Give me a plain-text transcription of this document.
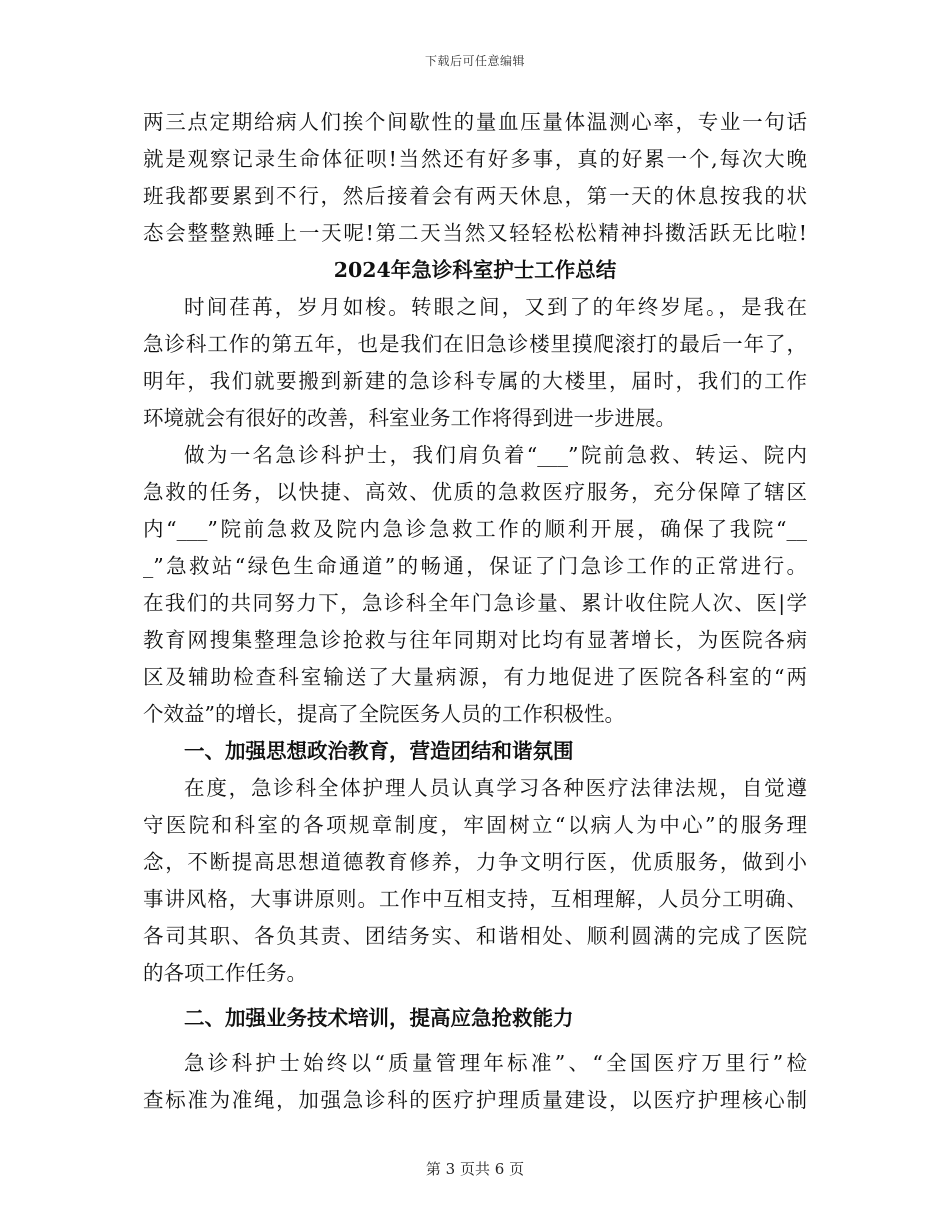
下载后可任意编辑

两三点定期给病人们挨个间歇性的量血压量体温测心率，专业一句话

就是观察记录生命体征呗!当然还有好多事，真的好累一个,每次大晚

班我都要累到不行，然后接着会有两天休息，第一天的休息按我的状

态会整整熟睡上一天呢!第二天当然又轻轻松松精神抖擞活跃无比啦!

2024年急诊科室护士工作总结

时间荏苒，岁月如梭。转眼之间，又到了的年终岁尾。，是我在

急诊科工作的第五年，也是我们在旧急诊楼里摸爬滚打的最后一年了，

明年，我们就要搬到新建的急诊科专属的大楼里，届时，我们的工作

环境就会有很好的改善，科室业务工作将得到进一步进展。

做为一名急诊科护士，我们肩负着“___”院前急救、转运、院内

急救的任务，以快捷、高效、优质的急救医疗服务，充分保障了辖区

内“___”院前急救及院内急诊急救工作的顺利开展，确保了我院“__

_”急救站“绿色生命通道”的畅通，保证了门急诊工作的正常进行。

在我们的共同努力下，急诊科全年门急诊量、累计收住院人次、医|学

教育网搜集整理急诊抢救与往年同期对比均有显著增长，为医院各病

区及辅助检查科室输送了大量病源，有力地促进了医院各科室的“两

个效益”的增长，提高了全院医务人员的工作积极性。

一、加强思想政治教育，营造团结和谐氛围

在度，急诊科全体护理人员认真学习各种医疗法律法规，自觉遵

守医院和科室的各项规章制度，牢固树立“以病人为中心”的服务理

念，不断提高思想道德教育修养，力争文明行医，优质服务，做到小

事讲风格，大事讲原则。工作中互相支持，互相理解，人员分工明确、

各司其职、各负其责、团结务实、和谐相处、顺利圆满的完成了医院

的各项工作任务。

二、加强业务技术培训，提高应急抢救能力

急诊科护士始终以“质量管理年标准”、“全国医疗万里行”检

查标准为准绳，加强急诊科的医疗护理质量建设，以医疗护理核心制

第 3 页共 6 页
